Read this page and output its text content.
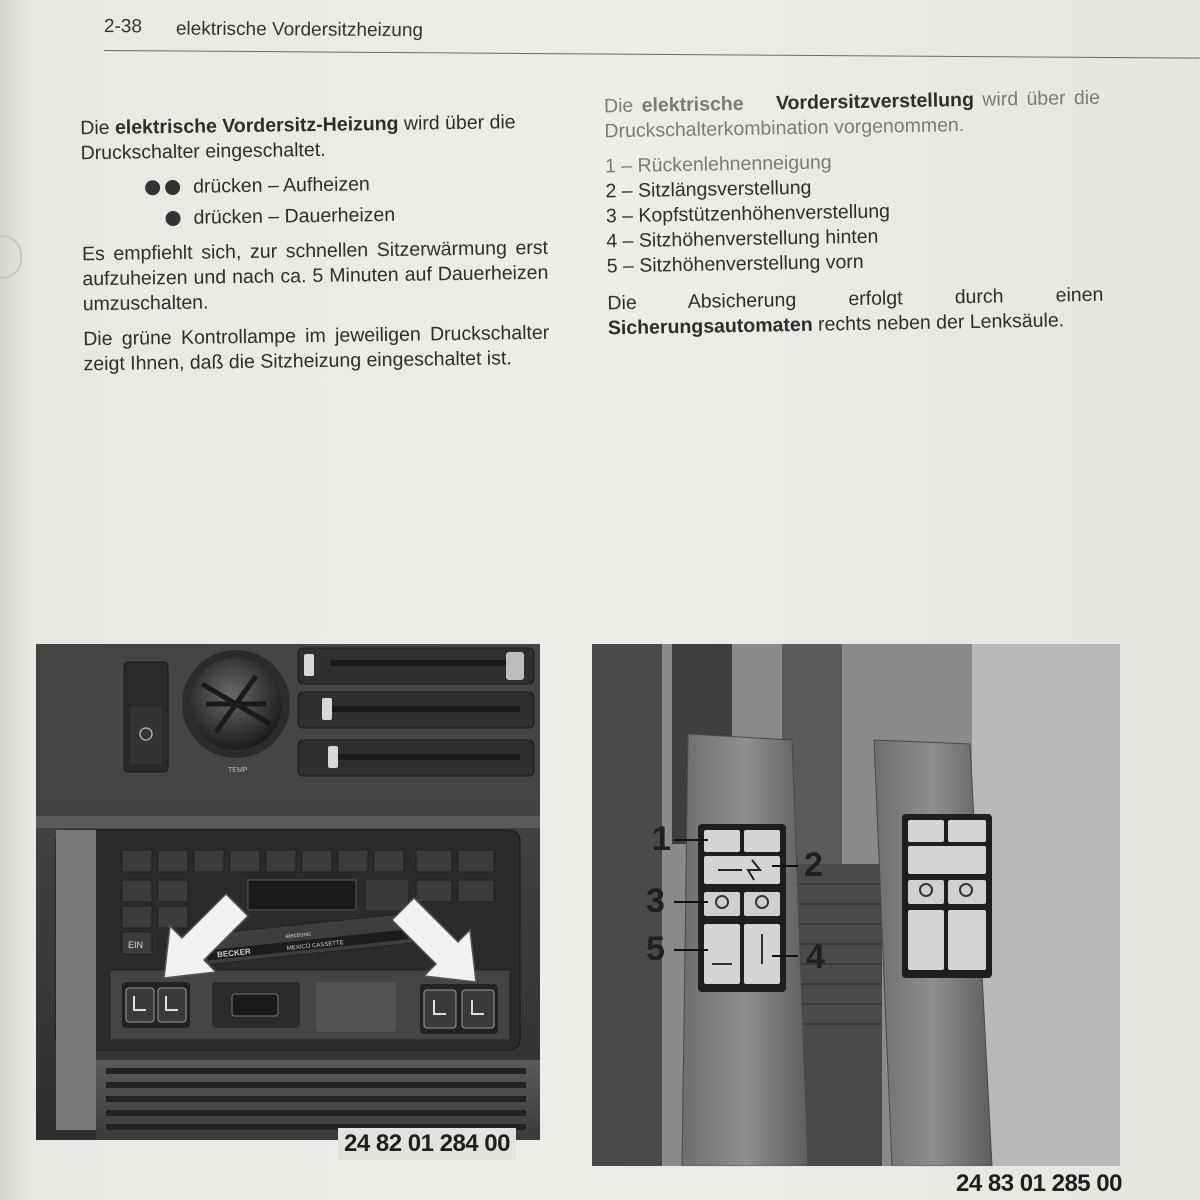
2-38 elektrische Vordersitzheizung

Die elektrische Vordersitz-Heizung wird über die Druckschalter eingeschaltet.

drücken – Aufheizen
drücken – Dauerheizen

Es empfiehlt sich, zur schnellen Sitzerwärmung erst aufzuheizen und nach ca. 5 Minuten auf Dauerheizen umzuschalten.

Die grüne Kontrollampe im jeweiligen Druckschalter zeigt Ihnen, daß die Sitzheizung eingeschaltet ist.

Die elektrische Vordersitzverstellung wird über die Druckschalterkombination vorgenommen.

1 – Rückenlehnenneigung
2 – Sitzlängsverstellung
3 – Kopfstützenhöhenverstellung
4 – Sitzhöhenverstellung hinten
5 – Sitzhöhenverstellung vorn

Die Absicherung erfolgt durch einen Sicherungsautomaten rechts neben der Lenksäule.

TEMP
EIN
BECKER
electronic
MEXICO CASSETTE
24 82 01 284 00
1
2
3
4
5
24 83 01 285 00
